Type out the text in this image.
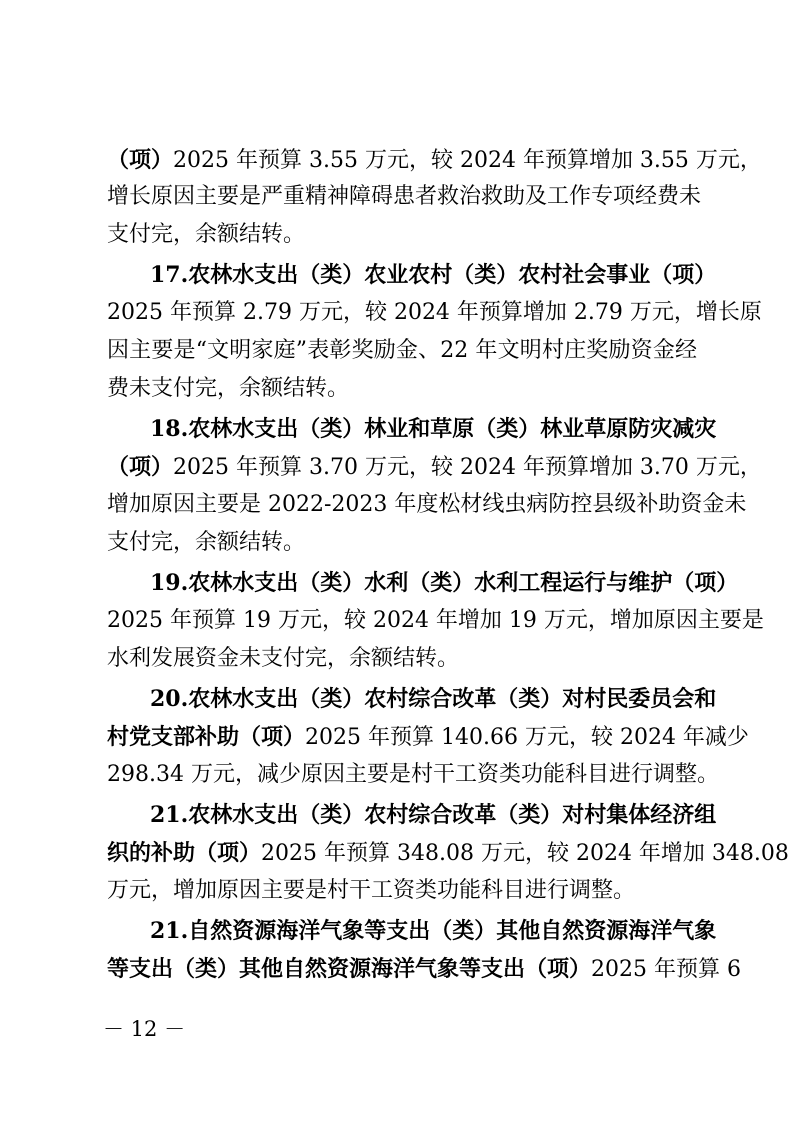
（项）2025 年预算 3.55 万元，较 2024 年预算增加 3.55 万元，
增长原因主要是严重精神障碍患者救治救助及工作专项经费未
支付完，余额结转。
17.农林水支出（类）农业农村（类）农村社会事业（项）
2025 年预算 2.79 万元，较 2024 年预算增加 2.79 万元，增长原
因主要是“文明家庭”表彰奖励金、22 年文明村庄奖励资金经
费未支付完，余额结转。
18.农林水支出（类）林业和草原（类）林业草原防灾减灾
（项）2025 年预算 3.70 万元，较 2024 年预算增加 3.70 万元，
增加原因主要是 2022-2023 年度松材线虫病防控县级补助资金未
支付完，余额结转。
19.农林水支出（类）水利（类）水利工程运行与维护（项）
2025 年预算 19 万元，较 2024 年增加 19 万元，增加原因主要是
水利发展资金未支付完，余额结转。
20.农林水支出（类）农村综合改革（类）对村民委员会和
村党支部补助（项）2025 年预算 140.66 万元，较 2024 年减少
298.34 万元，减少原因主要是村干工资类功能科目进行调整。
21.农林水支出（类）农村综合改革（类）对村集体经济组
织的补助（项）2025 年预算 348.08 万元，较 2024 年增加 348.08
万元，增加原因主要是村干工资类功能科目进行调整。
21.自然资源海洋气象等支出（类）其他自然资源海洋气象
等支出（类）其他自然资源海洋气象等支出（项）2025 年预算 6
－ 12 －
